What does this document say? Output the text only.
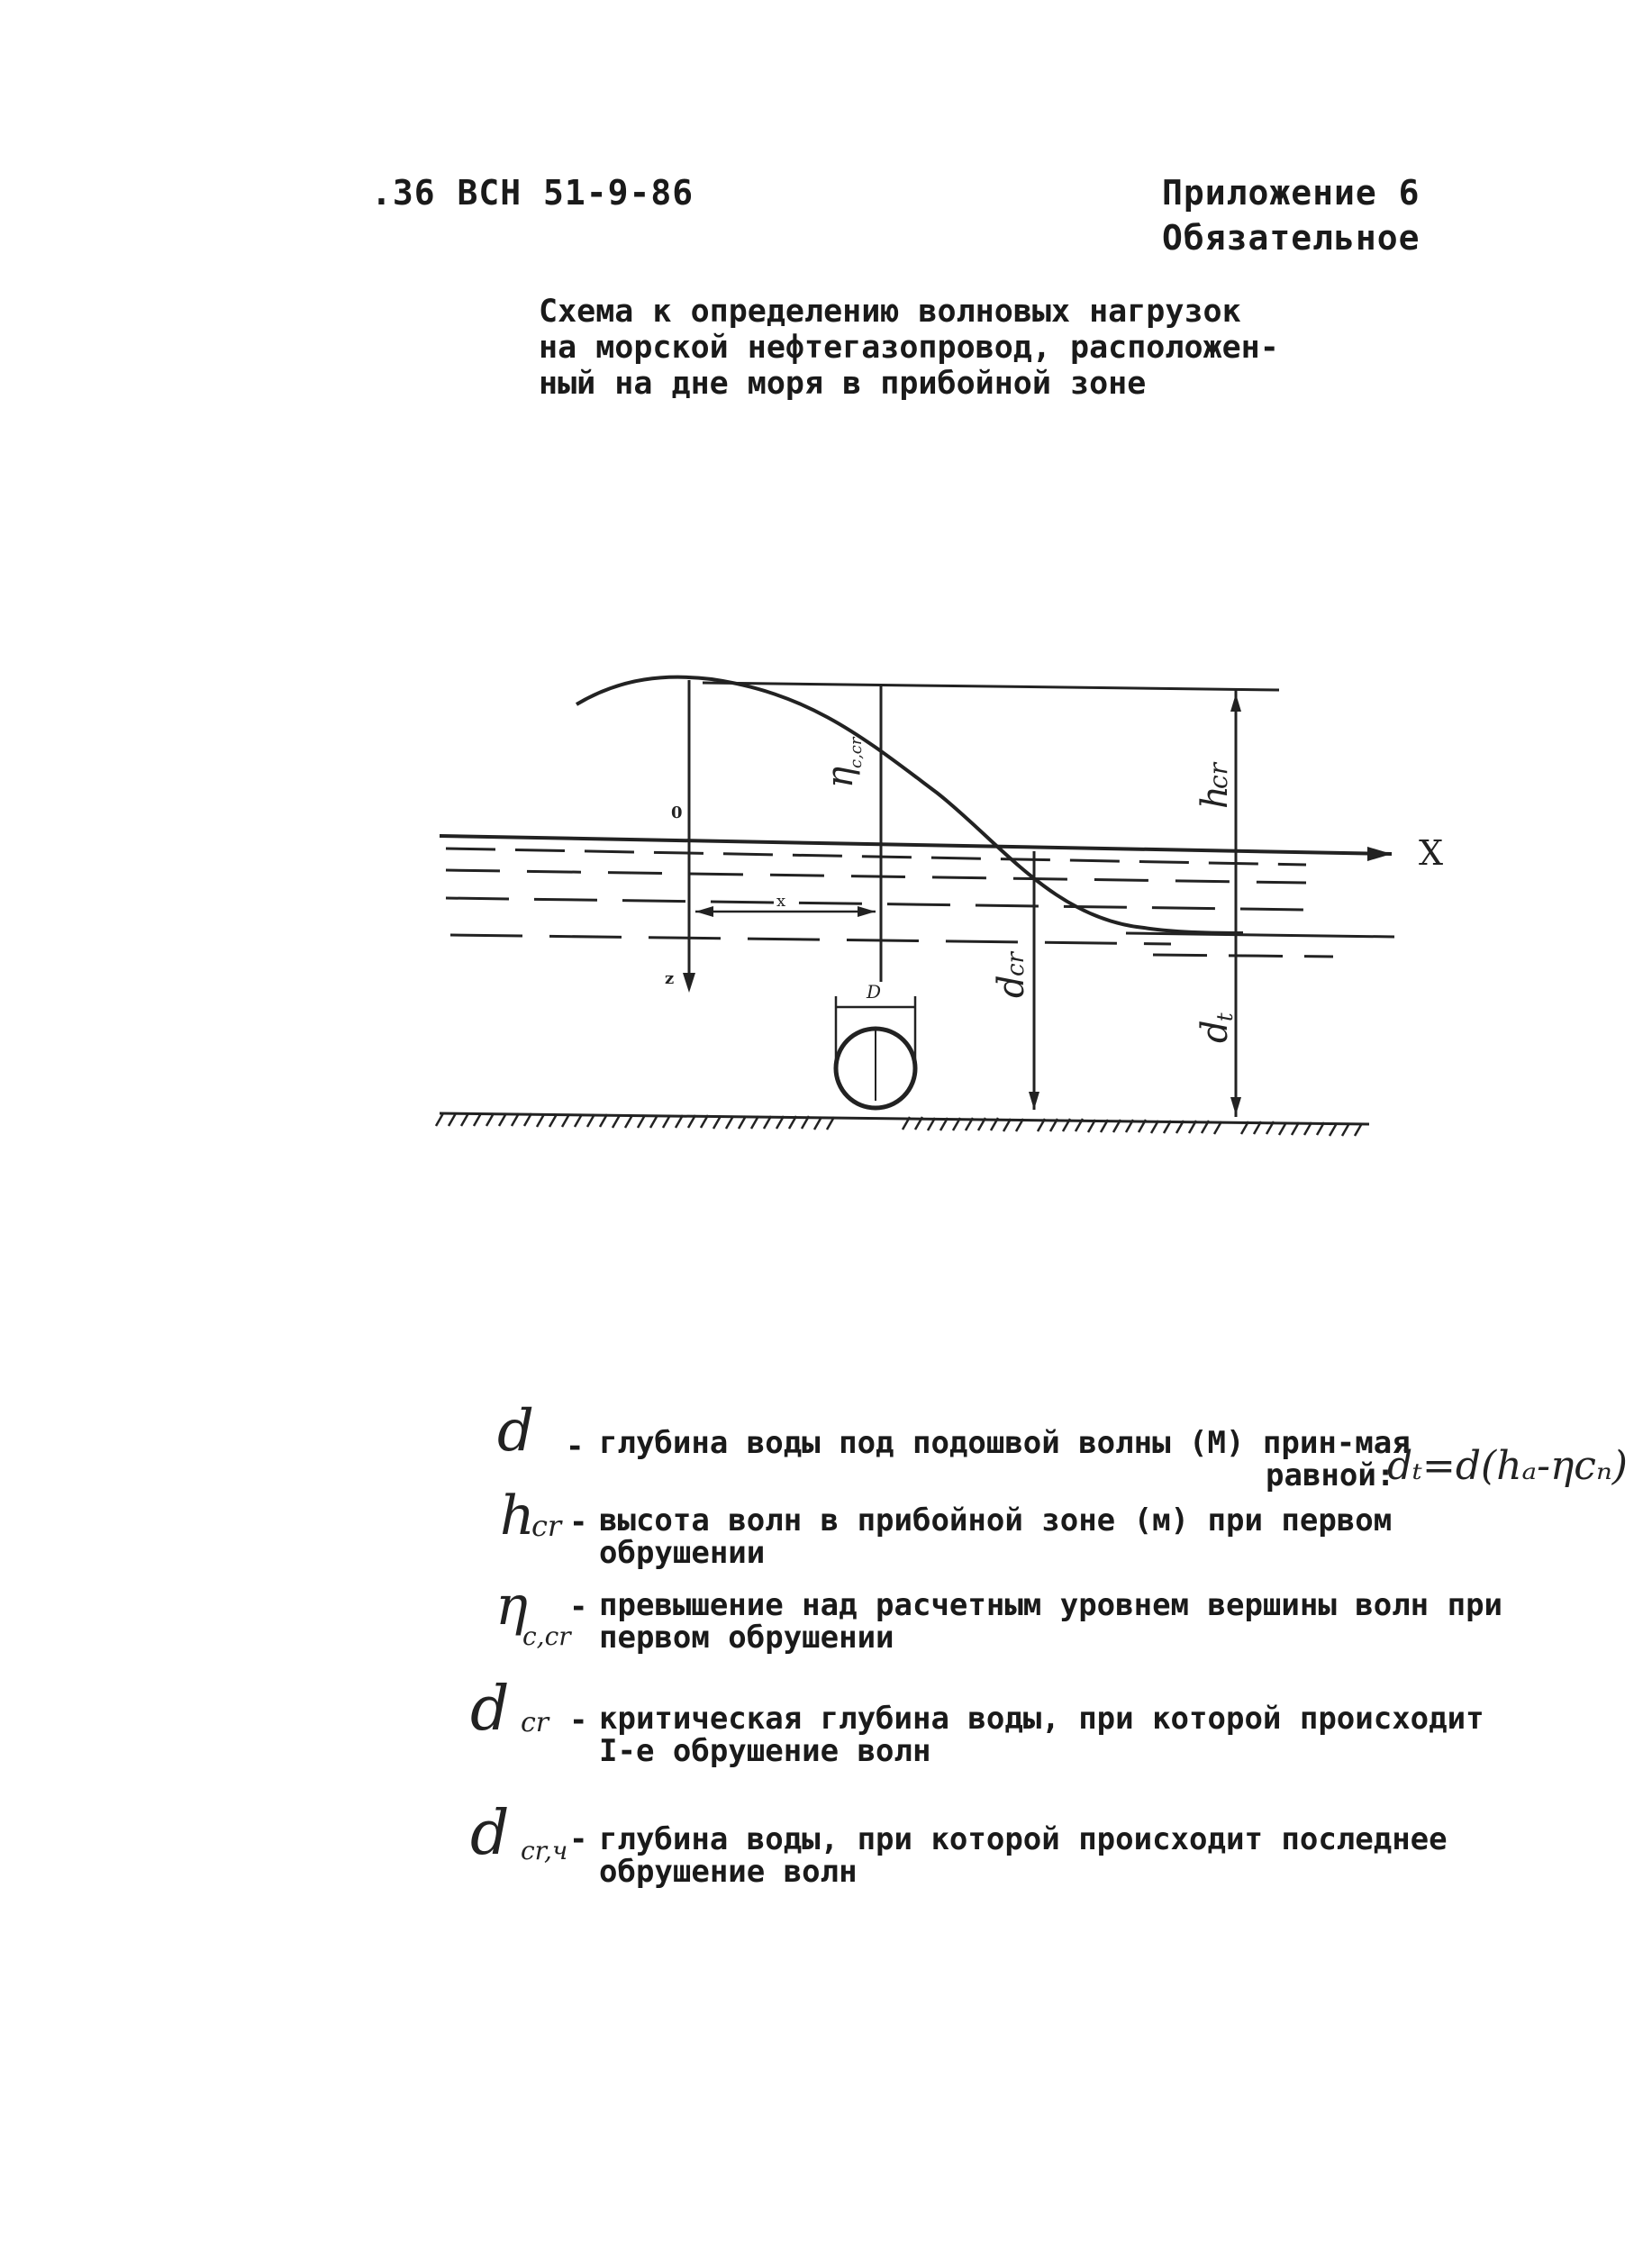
.36 ВСН 51-9-86	Приложение 6
Обязательное
Схема к определению волновых нагрузок
на морской нефтегазопровод, расположен-
ный на дне моря в прибойной зоне
X
0
z
x
D
η
c,cr
h
cr
d
cr
d
t
d - глубина воды под подошвой волны (M) прин-мая
равной:
dₜ=d(hₐ-ηcₙ)
h
cr - высота волн в прибойной зоне (м) при первом
обрушении
η
c,cr
- превышение над расчетным уровнем вершины волн при
первом обрушении
d cr - критическая глубина воды, при которой происходит
I-е обрушение волн
d cr,ч - глубина воды, при которой происходит последнее
обрушение волн
